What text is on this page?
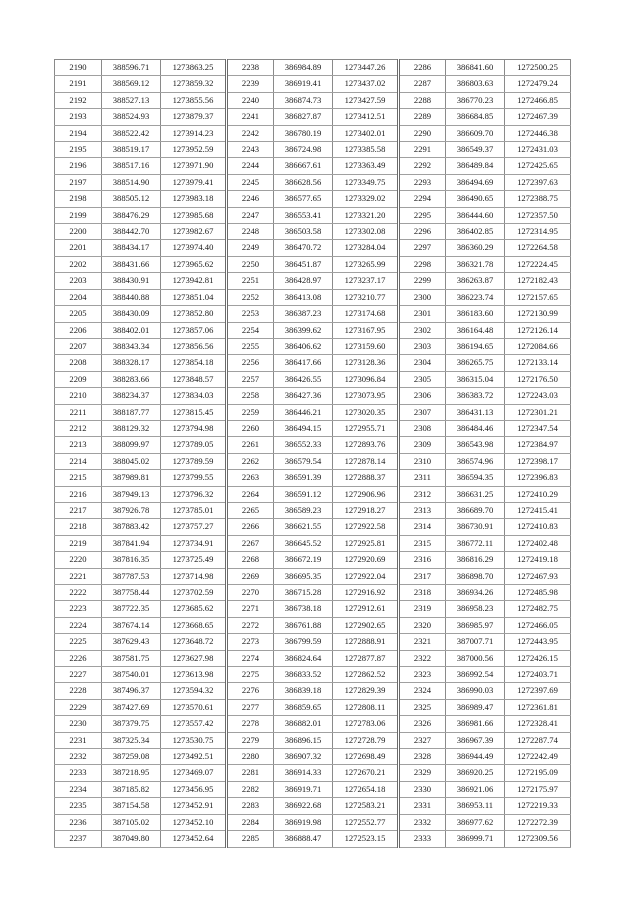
2190	388596.71	1273863.25	2238	386984.89	1273447.26	2286	386841.60	1272500.25
2191	388569.12	1273859.32	2239	386919.41	1273437.02	2287	386803.63	1272479.24
2192	388527.13	1273855.56	2240	386874.73	1273427.59	2288	386770.23	1272466.85
2193	388524.93	1273879.37	2241	386827.87	1273412.51	2289	386684.85	1272467.39
2194	388522.42	1273914.23	2242	386780.19	1273402.01	2290	386609.70	1272446.38
2195	388519.17	1273952.59	2243	386724.98	1273385.58	2291	386549.37	1272431.03
2196	388517.16	1273971.90	2244	386667.61	1273363.49	2292	386489.84	1272425.65
2197	388514.90	1273979.41	2245	386628.56	1273349.75	2293	386494.69	1272397.63
2198	388505.12	1273983.18	2246	386577.65	1273329.02	2294	386490.65	1272388.75
2199	388476.29	1273985.68	2247	386553.41	1273321.20	2295	386444.60	1272357.50
2200	388442.70	1273982.67	2248	386503.58	1273302.08	2296	386402.85	1272314.95
2201	388434.17	1273974.40	2249	386470.72	1273284.04	2297	386360.29	1272264.58
2202	388431.66	1273965.62	2250	386451.87	1273265.99	2298	386321.78	1272224.45
2203	388430.91	1273942.81	2251	386428.97	1273237.17	2299	386263.87	1272182.43
2204	388440.88	1273851.04	2252	386413.08	1273210.77	2300	386223.74	1272157.65
2205	388430.09	1273852.80	2253	386387.23	1273174.68	2301	386183.60	1272130.99
2206	388402.01	1273857.06	2254	386399.62	1273167.95	2302	386164.48	1272126.14
2207	388343.34	1273856.56	2255	386406.62	1273159.60	2303	386194.65	1272084.66
2208	388328.17	1273854.18	2256	386417.66	1273128.36	2304	386265.75	1272133.14
2209	388283.66	1273848.57	2257	386426.55	1273096.84	2305	386315.04	1272176.50
2210	388234.37	1273834.03	2258	386427.36	1273073.95	2306	386383.72	1272243.03
2211	388187.77	1273815.45	2259	386446.21	1273020.35	2307	386431.13	1272301.21
2212	388129.32	1273794.98	2260	386494.15	1272955.71	2308	386484.46	1272347.54
2213	388099.97	1273789.05	2261	386552.33	1272893.76	2309	386543.98	1272384.97
2214	388045.02	1273789.59	2262	386579.54	1272878.14	2310	386574.96	1272398.17
2215	387989.81	1273799.55	2263	386591.39	1272888.37	2311	386594.35	1272396.83
2216	387949.13	1273796.32	2264	386591.12	1272906.96	2312	386631.25	1272410.29
2217	387926.78	1273785.01	2265	386589.23	1272918.27	2313	386689.70	1272415.41
2218	387883.42	1273757.27	2266	386621.55	1272922.58	2314	386730.91	1272410.83
2219	387841.94	1273734.91	2267	386645.52	1272925.81	2315	386772.11	1272402.48
2220	387816.35	1273725.49	2268	386672.19	1272920.69	2316	386816.29	1272419.18
2221	387787.53	1273714.98	2269	386695.35	1272922.04	2317	386898.70	1272467.93
2222	387758.44	1273702.59	2270	386715.28	1272916.92	2318	386934.26	1272485.98
2223	387722.35	1273685.62	2271	386738.18	1272912.61	2319	386958.23	1272482.75
2224	387674.14	1273668.65	2272	386761.88	1272902.65	2320	386985.97	1272466.05
2225	387629.43	1273648.72	2273	386799.59	1272888.91	2321	387007.71	1272443.95
2226	387581.75	1273627.98	2274	386824.64	1272877.87	2322	387000.56	1272426.15
2227	387540.01	1273613.98	2275	386833.52	1272862.52	2323	386992.54	1272403.71
2228	387496.37	1273594.32	2276	386839.18	1272829.39	2324	386990.03	1272397.69
2229	387427.69	1273570.61	2277	386859.65	1272808.11	2325	386989.47	1272361.81
2230	387379.75	1273557.42	2278	386882.01	1272783.06	2326	386981.66	1272328.41
2231	387325.34	1273530.75	2279	386896.15	1272728.79	2327	386967.39	1272287.74
2232	387259.08	1273492.51	2280	386907.32	1272698.49	2328	386944.49	1272242.49
2233	387218.95	1273469.07	2281	386914.33	1272670.21	2329	386920.25	1272195.09
2234	387185.82	1273456.95	2282	386919.71	1272654.18	2330	386921.06	1272175.97
2235	387154.58	1273452.91	2283	386922.68	1272583.21	2331	386953.11	1272219.33
2236	387105.02	1273452.10	2284	386919.98	1272552.77	2332	386977.62	1272272.39
2237	387049.80	1273452.64	2285	386888.47	1272523.15	2333	386999.71	1272309.56
